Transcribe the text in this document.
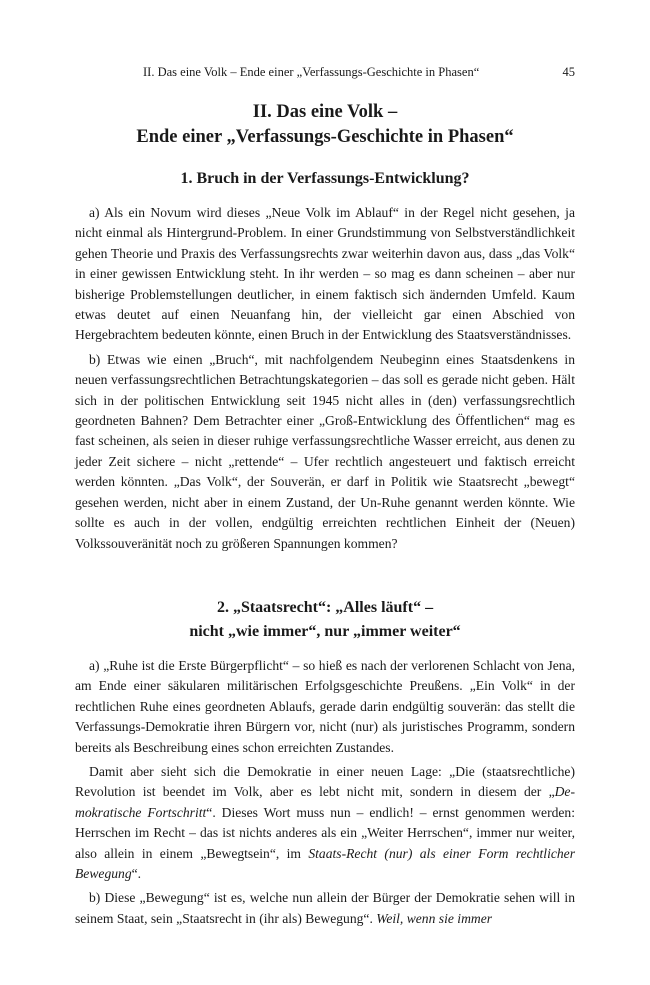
II. Das eine Volk – Ende einer „Verfassungs-Geschichte in Phasen“	45
II. Das eine Volk –
Ende einer „Verfassungs-Geschichte in Phasen“
1. Bruch in der Verfassungs-Entwicklung?

a) Als ein Novum wird dieses „Neue Volk im Ablauf“ in der Regel nicht gesehen, ja nicht einmal als Hintergrund-Problem. In einer Grundstimmung von Selbstverständlichkeit gehen Theorie und Praxis des Verfassungsrechts zwar weiterhin davon aus, dass „das Volk“ in einer gewissen Entwicklung steht. In ihr werden – so mag es dann scheinen – aber nur bisherige Problemstellungen deutlicher, in einem faktisch sich ändernden Umfeld. Kaum etwas deutet auf einen Neuanfang hin, der vielleicht gar einen Abschied von Hergebrachtem bedeuten könnte, einen Bruch in der Entwicklung des Staatsverständnisses.

b) Etwas wie einen „Bruch“, mit nachfolgendem Neubeginn eines Staatsdenkens in neuen verfassungsrechtlichen Betrachtungskategorien – das soll es gerade nicht geben. Hält sich in der politischen Entwicklung seit 1945 nicht alles in (den) verfassungsrechtlich geordneten Bahnen? Dem Betrachter einer „Groß-Entwicklung des Öffentlichen“ mag es fast scheinen, als seien in dieser ruhige verfassungsrechtliche Wasser erreicht, aus denen zu jeder Zeit sichere – nicht „rettende“ – Ufer rechtlich angesteuert und faktisch erreicht werden könnten. „Das Volk“, der Souverän, er darf in Politik wie Staatsrecht „bewegt“ gesehen werden, nicht aber in einem Zustand, der Un-Ruhe genannt werden könnte. Wie sollte es auch in der vollen, endgültig erreichten rechtlichen Einheit der (Neuen) Volkssouveränität noch zu größeren Spannungen kommen?

2. „Staatsrecht“: „Alles läuft“ –
nicht „wie immer“, nur „immer weiter“

a) „Ruhe ist die Erste Bürgerpflicht“ – so hieß es nach der verlorenen Schlacht von Jena, am Ende einer säkularen militärischen Erfolgsgeschichte Preußens. „Ein Volk“ in der rechtlichen Ruhe eines geordneten Ablaufs, gerade darin endgültig souverän: das stellt die Verfassungs-Demokratie ihren Bürgern vor, nicht (nur) als juristisches Programm, sondern bereits als Beschreibung eines schon erreichten Zustandes.

Damit aber sieht sich die Demokratie in einer neuen Lage: „Die (staatsrechtliche) Revolution ist beendet im Volk, aber es lebt nicht mit, sondern in diesem der „Demokratische Fortschritt“. Dieses Wort muss nun – endlich! – ernst genommen werden: Herrschen im Recht – das ist nichts anderes als ein „Weiter Herrschen“, immer nur weiter, also allein in einem „Bewegtsein“, im Staats-Recht (nur) als einer Form rechtlicher Bewegung“.

b) Diese „Bewegung“ ist es, welche nun allein der Bürger der Demokratie sehen will in seinem Staat, sein „Staatsrecht in (ihr als) Bewegung“. Weil, wenn sie immer
